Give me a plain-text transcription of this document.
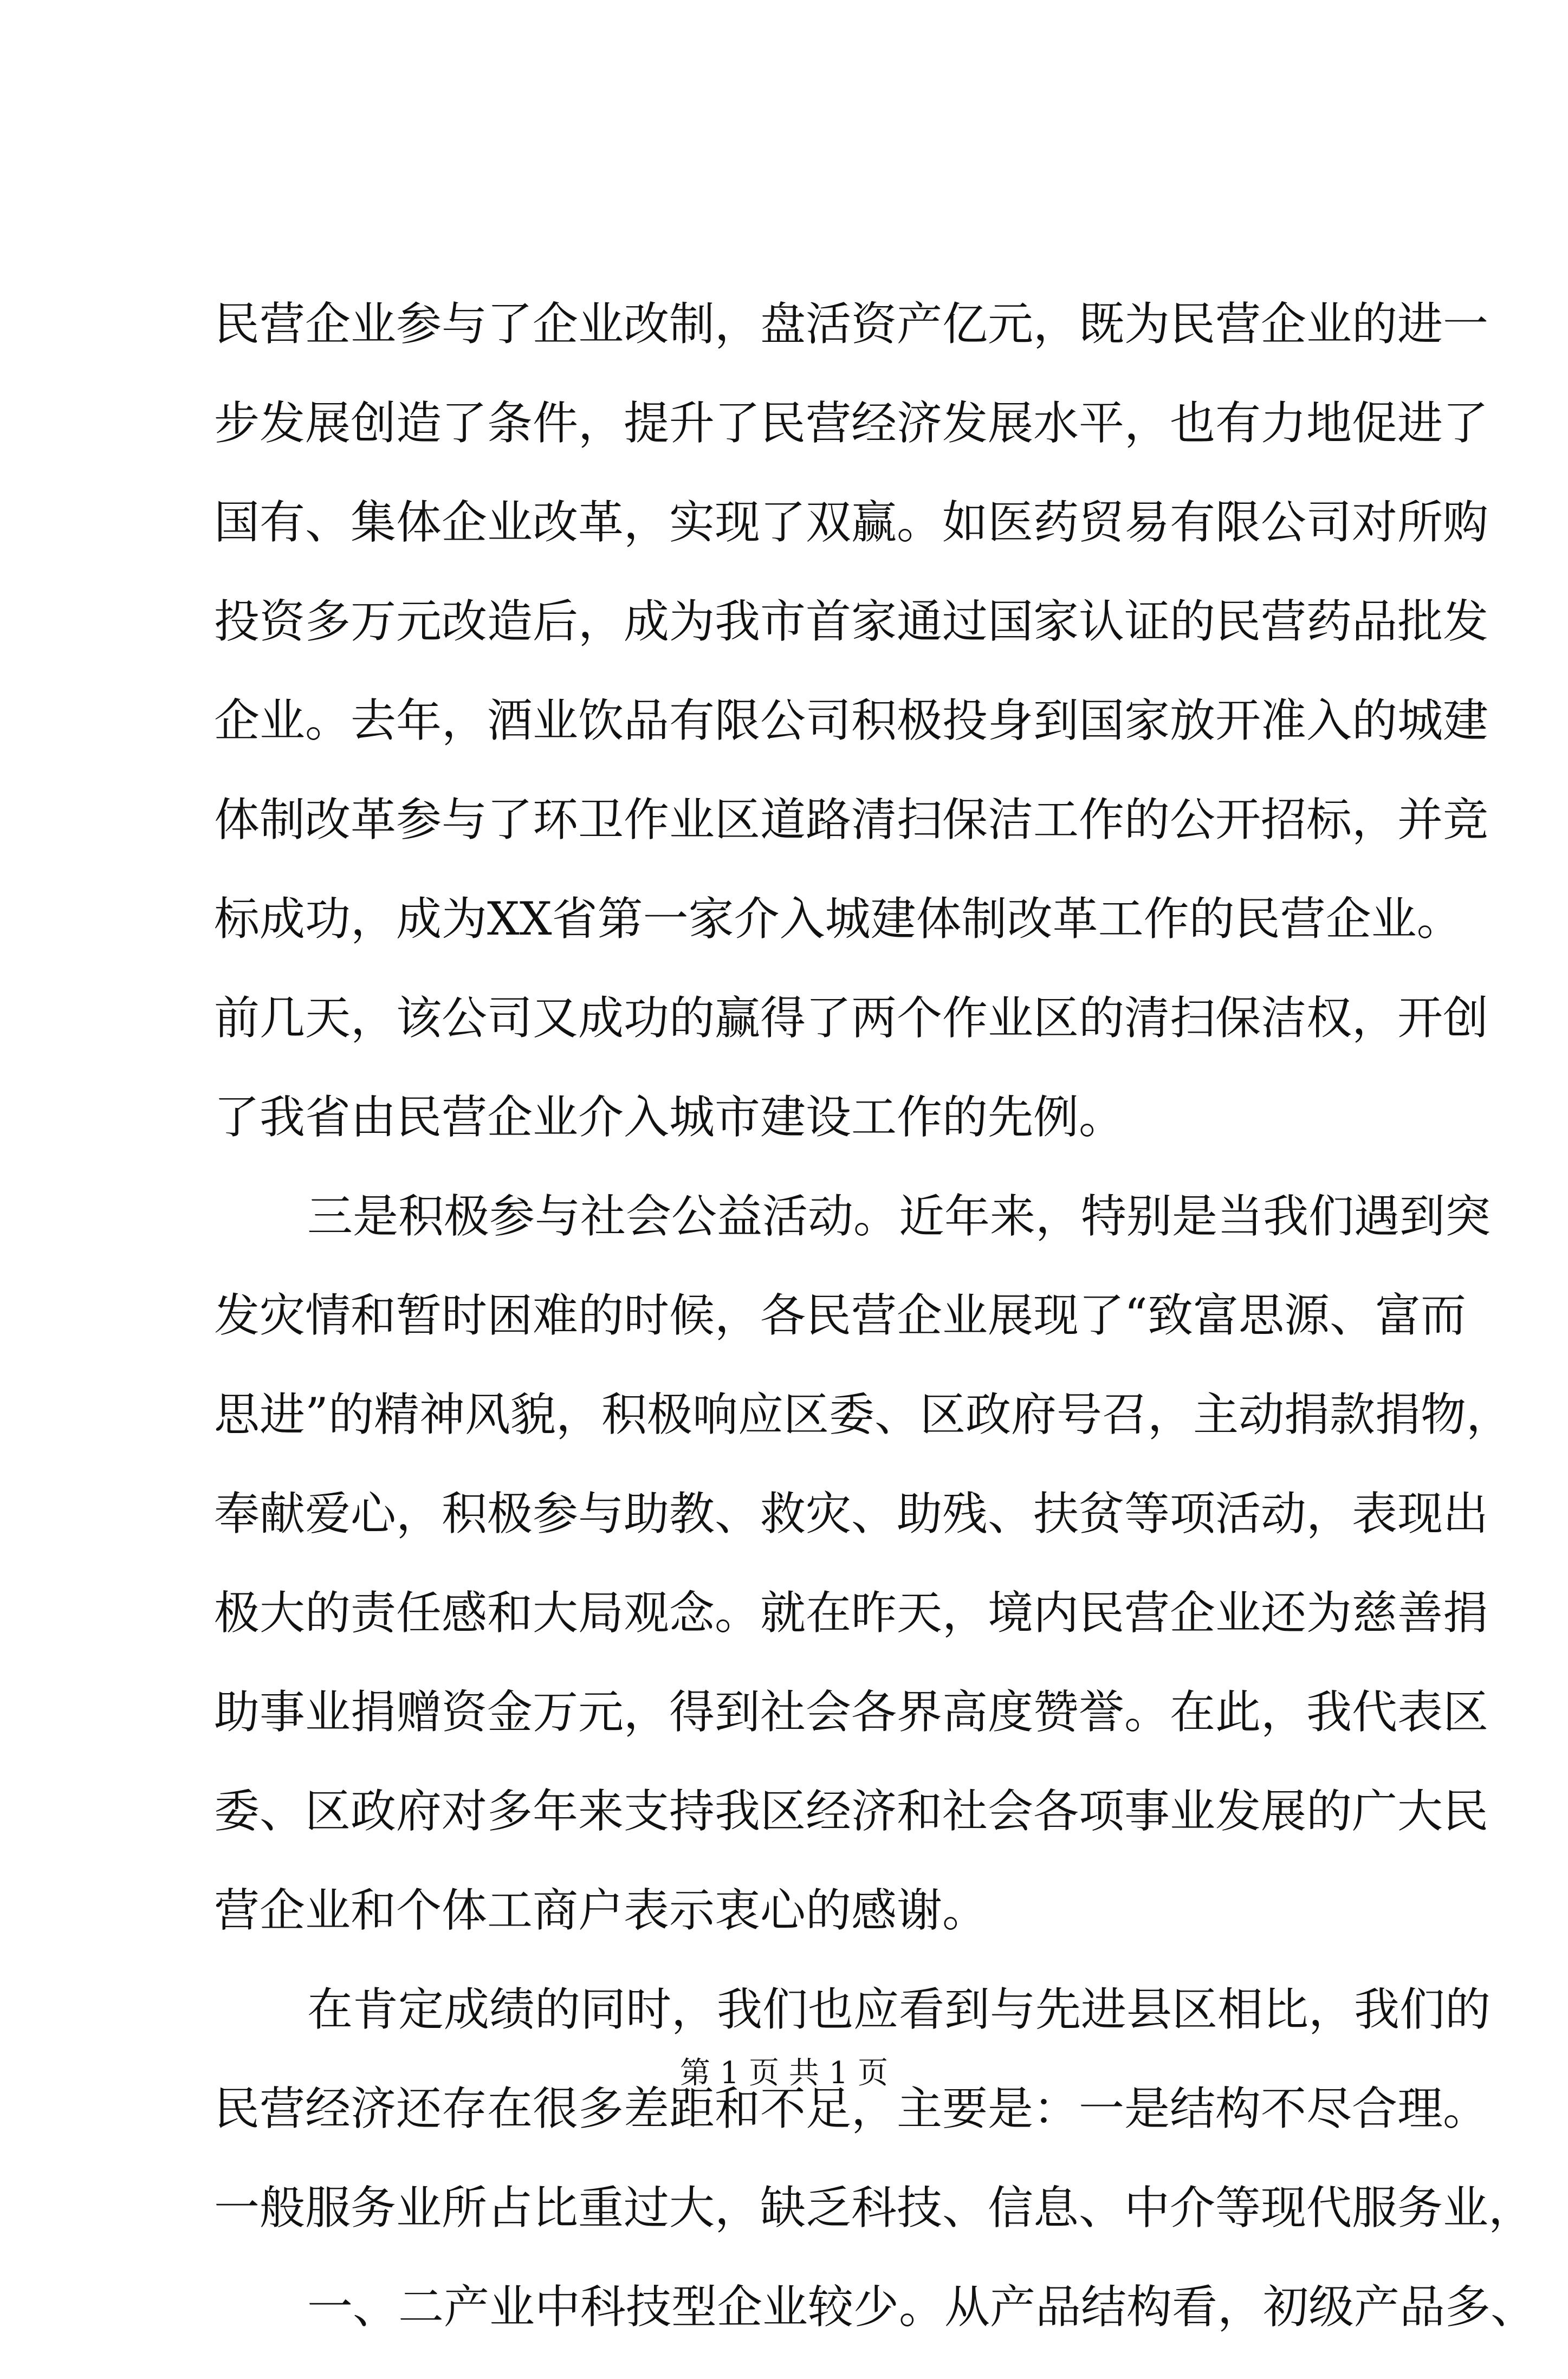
民营企业参与了企业改制，盘活资产亿元，既为民营企业的进一
步发展创造了条件，提升了民营经济发展水平，也有力地促进了
国有、集体企业改革，实现了双赢。如医药贸易有限公司对所购
投资多万元改造后，成为我市首家通过国家认证的民营药品批发
企业。去年，酒业饮品有限公司积极投身到国家放开准入的城建
体制改革参与了环卫作业区道路清扫保洁工作的公开招标，并竞
标成功，成为XX省第一家介入城建体制改革工作的民营企业。
前几天，该公司又成功的赢得了两个作业区的清扫保洁权，开创
了我省由民营企业介入城市建设工作的先例。
三是积极参与社会公益活动。近年来，特别是当我们遇到突
发灾情和暂时困难的时候，各民营企业展现了“致富思源、富而
思进”的精神风貌，积极响应区委、区政府号召，主动捐款捐物，
奉献爱心，积极参与助教、救灾、助残、扶贫等项活动，表现出
极大的责任感和大局观念。就在昨天，境内民营企业还为慈善捐
助事业捐赠资金万元，得到社会各界高度赞誉。在此，我代表区
委、区政府对多年来支持我区经济和社会各项事业发展的广大民
营企业和个体工商户表示衷心的感谢。
在肯定成绩的同时，我们也应看到与先进县区相比，我们的
民营经济还存在很多差距和不足，主要是：一是结构不尽合理。
一般服务业所占比重过大，缺乏科技、信息、中介等现代服务业，
一、二产业中科技型企业较少。从产品结构看，初级产品多、
第 1 页 共 1 页
